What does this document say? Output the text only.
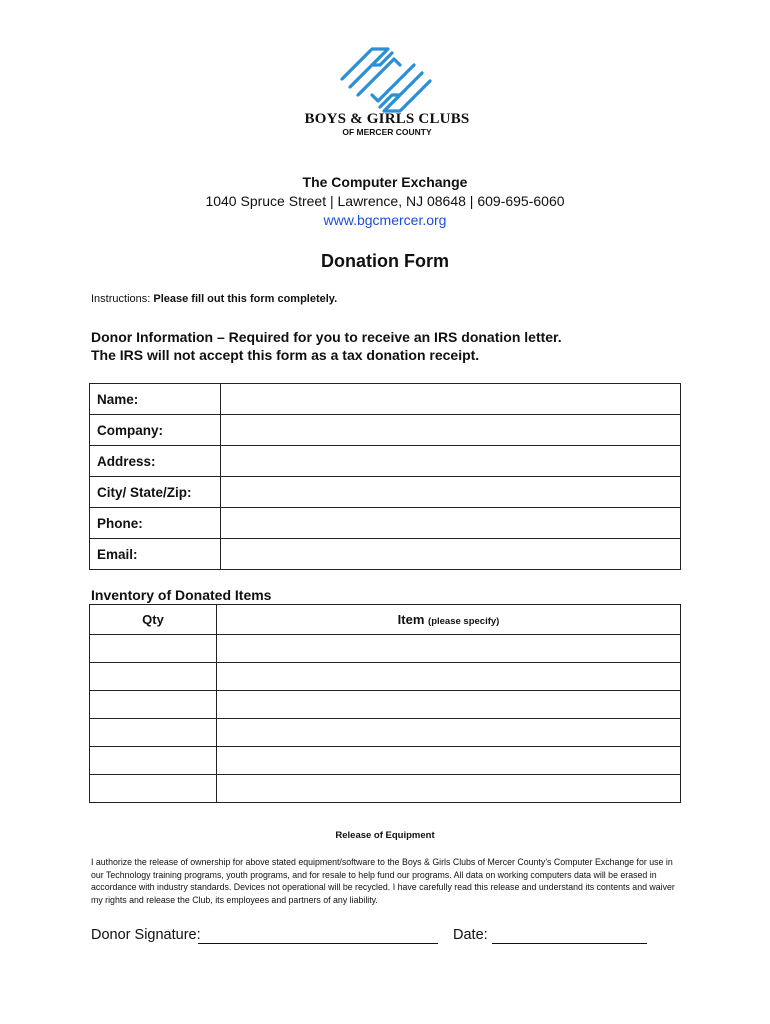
BOYS & GIRLS CLUBS
OF MERCER COUNTY
The Computer Exchange
1040 Spruce Street | Lawrence, NJ 08648 | 609-695-6060
www.bgcmercer.org
Donation Form
Instructions: Please fill out this form completely.
Donor Information – Required for you to receive an IRS donation letter.
The IRS will not accept this form as a tax donation receipt.
Name:	
Company:	
Address:	
City/ State/Zip:	
Phone:	
Email:	
Inventory of Donated Items
Qty	Item (please specify)

Release of Equipment
I authorize the release of ownership for above stated equipment/software to the Boys & Girls Clubs of Mercer County’s Computer Exchange for use in our Technology training programs, youth programs, and for resale to help fund our programs. All data on working computers data will be erased in accordance with industry standards. Devices not operational will be recycled. I have carefully read this release and understand its contents and waiver my rights and release the Club, its employees and partners of any liability.
Donor Signature:	Date:
